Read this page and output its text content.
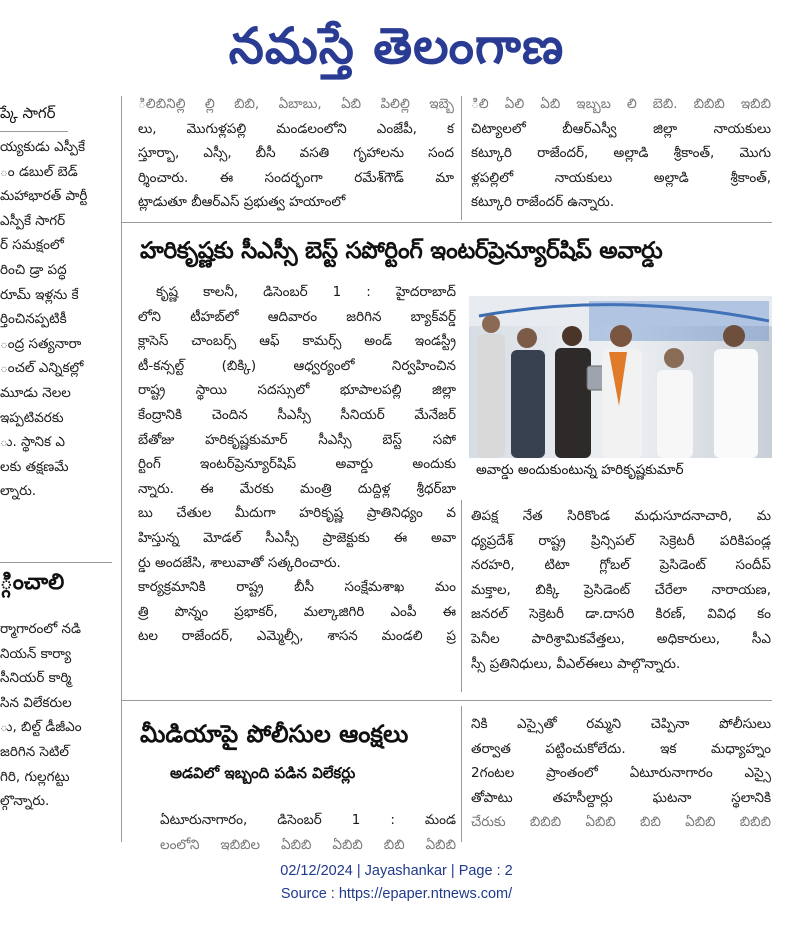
నమస్తే తెలంగాణ
ప్కే సాగర్

య్యకుడు ఎస్పీకే

ం డబుల్ బెడ్

మహాభారత్ పార్టీ

ఎస్పీకే సాగర్

ర్ సమక్షంలో

రించి డ్రా పద్ధ

రూమ్ ఇళ్లను కే

ర్తించినప్పటికీ

ంద్ర సత్యనారా

ంచల్ ఎన్నికల్లో

మూడు నెలల

ఇప్పటివరకు

ు. స్థానిక ఎ

లకు తక్షణమే

ల్నారు.

్గించాలి

ర్మాగారంలో నడి

నియన్ కార్యా

సీనియర్ కార్మి

సిన విలేకరుల

ు, బిల్ట్ డీజీఎం

జరిగిన సెటిల్

గిరి, గుల్లగట్టు

ల్గొన్నారు.

ిలిబినిల్లి ల్లి బిబి, ఏబాబు, ఏబి పిలిల్లి ఇబ్బె

లు, మొగుళ్లపల్లి మండలంలోని ఎంజేపీ, క

స్తూర్బా, ఎస్సీ, బీసీ వసతి గృహాలను సంద

ర్శించారు. ఈ సందర్భంగా రమేశ్‌గౌడ్ మా

ట్లాడుతూ బీఆర్ఎస్ ప్రభుత్వ హయాంలో

ిలి ఏలి ఏబి ఇబ్బబ లి బెబి. బిబిబి ఇబిబి

చిట్యాలలో బీఆర్ఎస్వీ జిల్లా నాయకులు

కట్కూరి రాజేందర్, అల్లాడి శ్రీకాంత్, మొగు

ళ్లపల్లిలో నాయకులు అల్లాడి శ్రీకాంత్,

కట్కూరి రాజేందర్ ఉన్నారు.

హరికృష్ణకు సీఎస్సీ బెస్ట్ సపోర్టింగ్ ఇంటర్‌ప్రెన్యూర్‌షిప్ అవార్డు

కృష్ణ కాలనీ, డిసెంబర్ 1 : హైదరాబాద్

లోని టీహబ్‌లో ఆదివారం జరిగిన బ్యాక్‌వర్డ్

క్లాసెస్ చాంబర్స్ ఆఫ్ కామర్స్ అండ్ ఇండస్ట్రీ

టీ-కన్సల్ట్ (బిక్కి) ఆధ్వర్యంలో నిర్వహించిన

రాష్ట్ర స్థాయి సదస్సులో భూపాలపల్లి జిల్లా

కేంద్రానికి చెందిన సీఎస్సీ సీనియర్ మేనేజర్

బేతోజు హరికృష్ణకుమార్ సీఎస్సీ బెస్ట్ సపో

ర్టింగ్ ఇంటర్‌ప్రెన్యూర్‌షిప్ అవార్డు అందుకు

న్నారు. ఈ మేరకు మంత్రి దుద్దిళ్ల శ్రీధర్‌బా

బు చేతుల మీదుగా హరికృష్ణ ప్రాతినిధ్యం వ

హిస్తున్న మోడల్ సీఎస్సీ ప్రాజెక్టుకు ఈ అవా

ర్డు అందజేసి, శాలువాతో సత్కరించారు.

కార్యక్రమానికి రాష్ట్ర బీసీ సంక్షేమశాఖ మం

త్రి పొన్నం ప్రభాకర్, మల్కాజిగిరి ఎంపీ ఈ

టల రాజేందర్, ఎమ్మెల్సీ, శాసన మండలి ప్ర

అవార్డు అందుకుంటున్న హరికృష్ణకుమార్

తిపక్ష నేత సిరికొండ మధుసూదనాచారి, మ

ధ్యప్రదేశ్ రాష్ట్ర ప్రిన్సిపల్ సెక్రెటరీ పరికిపండ్ల

నరహరి, టిటా గ్లోబల్ ప్రెసిడెంట్ సందీప్

మక్తాల, బిక్కి ప్రెసిడెంట్ చేరేలా నారాయణ,

జనరల్ సెక్రెటరీ డా.దాసరి కిరణ్, వివిధ కం

పెనీల పారిశ్రామికవేత్తలు, అధికారులు, సీఎ

స్సీ ప్రతినిధులు, వీఎల్‌ఈలు పాల్గొన్నారు.

మీడియాపై పోలీసుల ఆంక్షలు
అడవిలో ఇబ్బంది పడిన విలేకర్లు

ఏటూరునాగారం, డిసెంబర్ 1 : మండ

లంలోని ఇబిబిల ఏబిబి ఏబిబి బిబి ఏబిబి

నికి ఎస్సైతో రమ్మని చెప్పినా పోలీసులు

తర్వాత పట్టించుకోలేదు. ఇక మధ్యాహ్నం

2గంటల ప్రాంతంలో ఏటూరునాగారం ఎస్సై

తోపాటు తహసీల్దార్లు ఘటనా స్థలానికి

చేరుకు బిబిబి ఏబిబి బిబి ఏబిబి బిబిబి

02/12/2024 | Jayashankar | Page : 2
Source : https://epaper.ntnews.com/
